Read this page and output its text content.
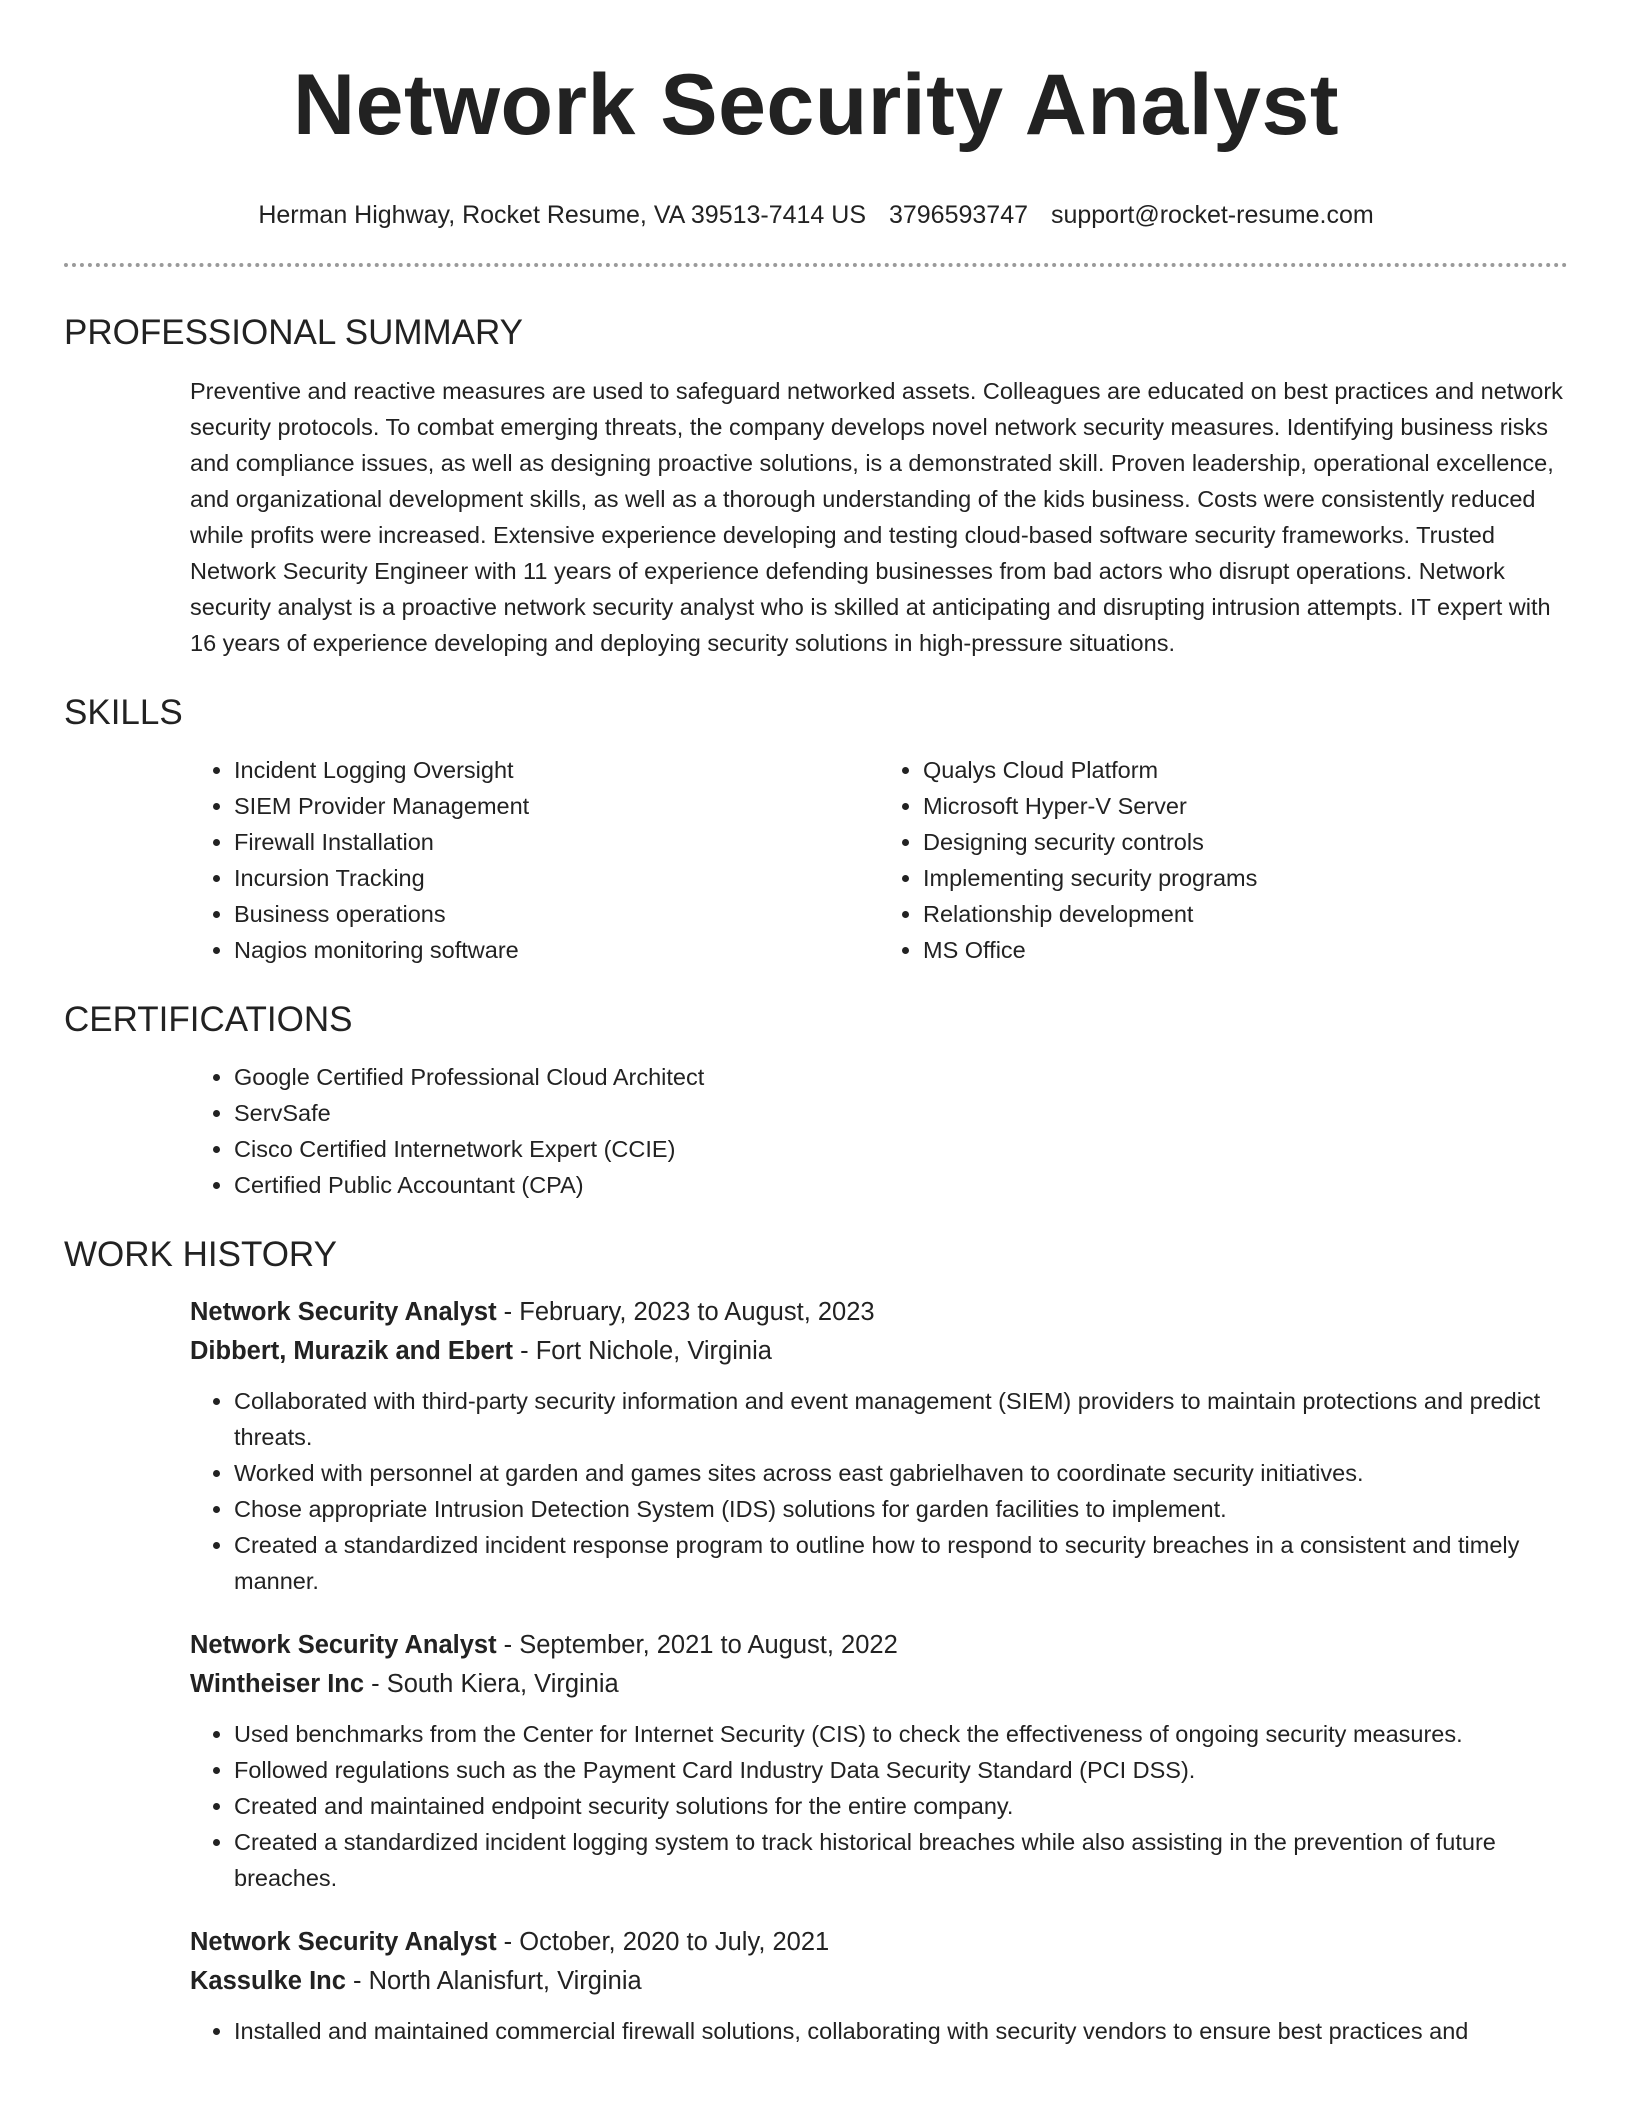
Network Security Analyst
Herman Highway, Rocket Resume, VA 39513-7414 US 3796593747 support@rocket-resume.com
PROFESSIONAL SUMMARY

Preventive and reactive measures are used to safeguard networked assets. Colleagues are educated on best practices and network security protocols. To combat emerging threats, the company develops novel network security measures. Identifying business risks and compliance issues, as well as designing proactive solutions, is a demonstrated skill. Proven leadership, operational excellence, and organizational development skills, as well as a thorough understanding of the kids business. Costs were consistently reduced while profits were increased. Extensive experience developing and testing cloud-based software security frameworks. Trusted Network Security Engineer with 11 years of experience defending businesses from bad actors who disrupt operations. Network security analyst is a proactive network security analyst who is skilled at anticipating and disrupting intrusion attempts. IT expert with 16 years of experience developing and deploying security solutions in high-pressure situations.

SKILLS
• Incident Logging Oversight
• SIEM Provider Management
• Firewall Installation
• Incursion Tracking
• Business operations
• Nagios monitoring software
• Qualys Cloud Platform
• Microsoft Hyper-V Server
• Designing security controls
• Implementing security programs
• Relationship development
• MS Office
CERTIFICATIONS
• Google Certified Professional Cloud Architect
• ServSafe
• Cisco Certified Internetwork Expert (CCIE)
• Certified Public Accountant (CPA)
WORK HISTORY
Network Security Analyst - February, 2023 to August, 2023
Dibbert, Murazik and Ebert - Fort Nichole, Virginia
• Collaborated with third-party security information and event management (SIEM) providers to maintain protections and predict threats.
• Worked with personnel at garden and games sites across east gabrielhaven to coordinate security initiatives.
• Chose appropriate Intrusion Detection System (IDS) solutions for garden facilities to implement.
• Created a standardized incident response program to outline how to respond to security breaches in a consistent and timely manner.
Network Security Analyst - September, 2021 to August, 2022
Wintheiser Inc - South Kiera, Virginia
• Used benchmarks from the Center for Internet Security (CIS) to check the effectiveness of ongoing security measures.
• Followed regulations such as the Payment Card Industry Data Security Standard (PCI DSS).
• Created and maintained endpoint security solutions for the entire company.
• Created a standardized incident logging system to track historical breaches while also assisting in the prevention of future breaches.
Network Security Analyst - October, 2020 to July, 2021
Kassulke Inc - North Alanisfurt, Virginia
• Installed and maintained commercial firewall solutions, collaborating with security vendors to ensure best practices and
